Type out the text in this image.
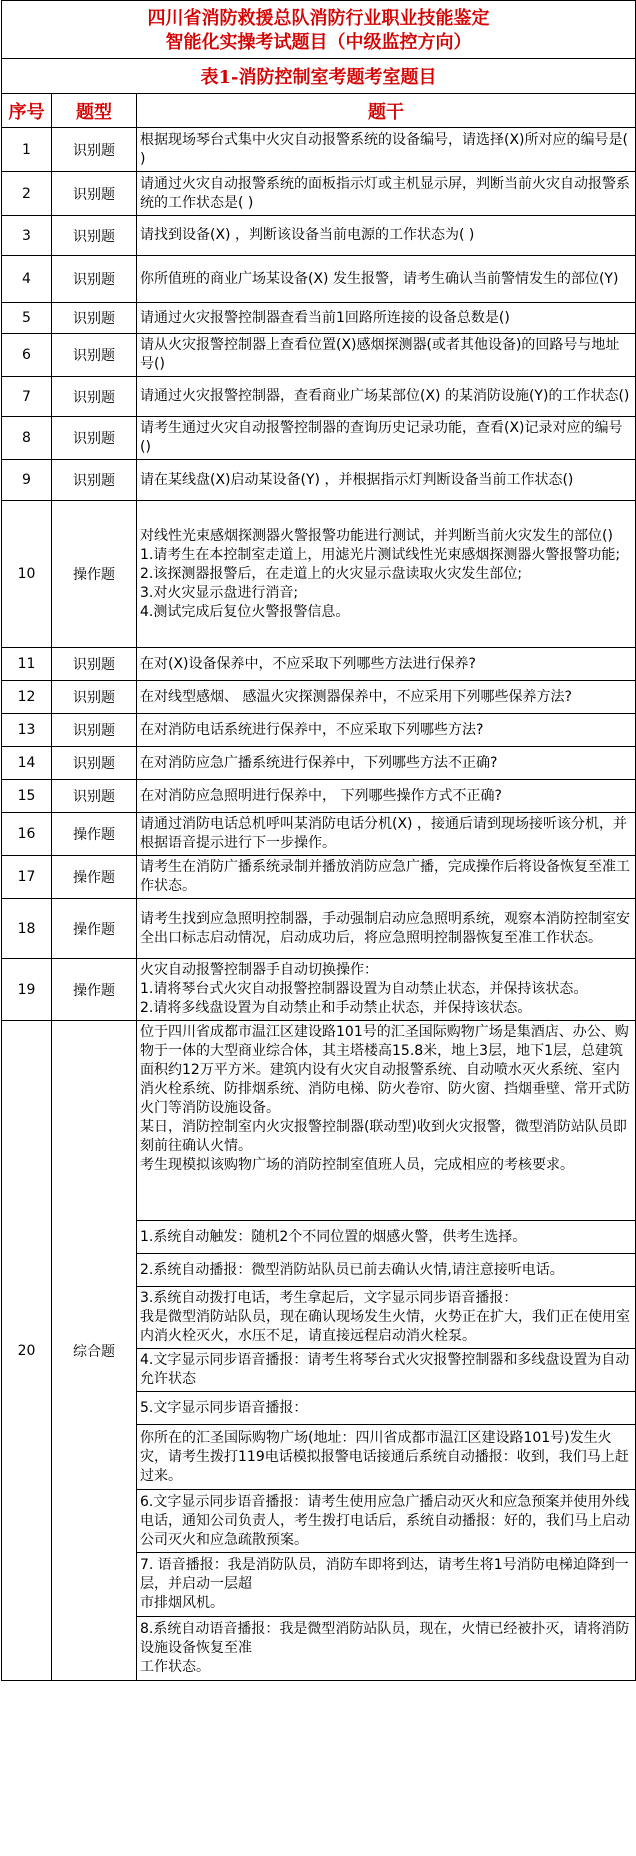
四川省消防救援总队消防行业职业技能鉴定
智能化实操考试题目（中级监控方向）		

表1-消防控制室考题考室题目		
序号	题型	题干
1	识别题	根据现场琴台式集中火灾自动报警系统的设备编号，请选择(X)所对应的编号是( )

2	识别题	请通过火灾自动报警系统的面板指示灯或主机显示屏，判断当前火灾自动报警系统的工作状态是( )

3	识别题	请找到设备(X) ，判断该设备当前电源的工作状态为( )

4	识别题	你所值班的商业广场某设备(X) 发生报警，请考生确认当前警情发生的部位(Y)

5	识别题	请通过火灾报警控制器查看当前1回路所连接的设备总数是()

6	识别题	请从火灾报警控制器上查看位置(X)感烟探测器(或者其他设备)的回路号与地址号()

7	识别题	请通过火灾报警控制器，查看商业广场某部位(X) 的某消防设施(Y)的工作状态()

8	识别题	请考生通过火灾自动报警控制器的查询历史记录功能，查看(X)记录对应的编号()

9	识别题	请在某线盘(X)启动某设备(Y) ，并根据指示灯判断设备当前工作状态()

10	操作题	对线性光束感烟探测器火警报警功能进行测试，并判断当前火灾发生的部位()
1.请考生在本控制室走道上，用滤光片测试线性光束感烟探测器火警报警功能;
2.该探测器报警后，在走道上的火灾显示盘读取火灾发生部位;
3.对火灾显示盘进行消音;
4.测试完成后复位火警报警信息。

11	识别题	在对(X)设备保养中，不应采取下列哪些方法进行保养?

12	识别题	在对线型感烟、 感温火灾探测器保养中，不应采用下列哪些保养方法?

13	识别题	在对消防电话系统进行保养中，不应采取下列哪些方法?

14	识别题	在对消防应急广播系统进行保养中，下列哪些方法不正确?

15	识别题	在对消防应急照明进行保养中， 下列哪些操作方式不正确?

16	操作题	请通过消防电话总机呼叫某消防电话分机(X) ，接通后请到现场接听该分机，并根据语音提示进行下一步操作。

17	操作题	请考生在消防广播系统录制并播放消防应急广播，完成操作后将设备恢复至准工作状态。

18	操作题	请考生找到应急照明控制器，手动强制启动应急照明系统，观察本消防控制室安全出口标志启动情况，启动成功后，将应急照明控制器恢复至准工作状态。

19	操作题	火灾自动报警控制器手自动切换操作：
1.请将琴台式火灾自动报警控制器设置为自动禁止状态，并保持该状态。
2.请将多线盘设置为自动禁止和手动禁止状态，并保持该状态。

20	综合题	位于四川省成都市温江区建设路101号的汇圣国际购物广场是集酒店、办公、购物于一体的大型商业综合体，其主塔楼高15.8米，地上3层，地下1层，总建筑面积约12万平方米。建筑内设有火灾自动报警系统、自动喷水灭火系统、室内消火栓系统、防排烟系统、消防电梯、防火卷帘、防火窗、挡烟垂壁、常开式防火门等消防设施设备。
某日，消防控制室内火灾报警控制器(联动型)收到火灾报警，微型消防站队员即刻前往确认火情。
考生现模拟该购物广场的消防控制室值班人员，完成相应的考核要求。

		1.系统自动触发：随机2个不同位置的烟感火警，供考生选择。

		2.系统自动播报：微型消防站队员已前去确认火情,请注意接听电话。

		3.系统自动拨打电话，考生拿起后，文字显示同步语音播报：
我是微型消防站队员，现在确认现场发生火情，火势正在扩大，我们正在使用室内消火栓灭火，水压不足，请直接远程启动消火栓泵。

		4.文字显示同步语音播报：请考生将琴台式火灾报警控制器和多线盘设置为自动允许状态

		5.文字显示同步语音播报：

		你所在的汇圣国际购物广场(地址：四川省成都市温江区建设路101号)发生火灾，请考生拨打119电话模拟报警电话接通后系统自动播报：收到，我们马上赶过来。

		6.文字显示同步语音播报：请考生使用应急广播启动灭火和应急预案并使用外线电话，通知公司负责人，考生拨打电话后，系统自动播报：好的，我们马上启动公司灭火和应急疏散预案。

		7. 语音播报：我是消防队员，消防车即将到达，请考生将1号消防电梯迫降到一层，并启动一层超
市排烟风机。

		8.系统自动语音播报：我是微型消防站队员，现在，火情已经被扑灭，请将消防设施设备恢复至准
工作状态。
